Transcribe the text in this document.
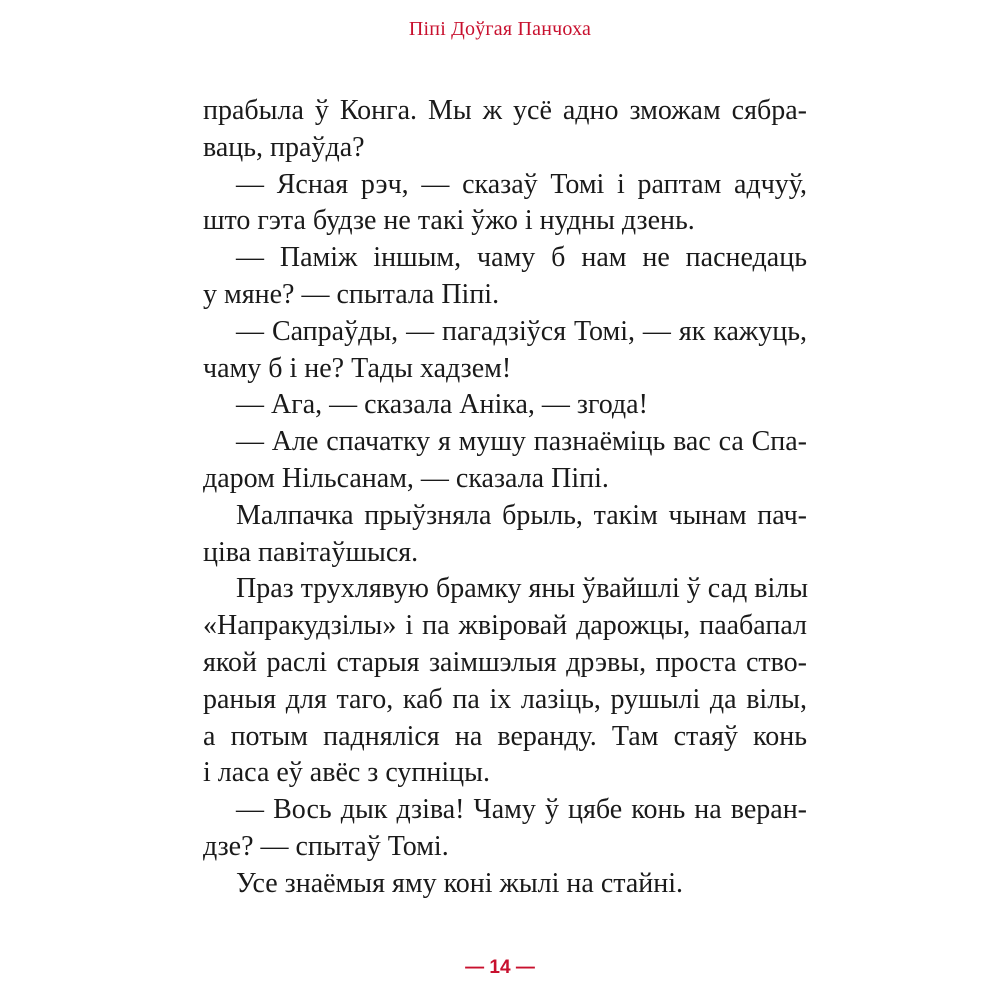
Піпі Доўгая Панчоха
прабыла ў Конга. Мы ж усё адно зможам сябра-
ваць, праўда?
— Ясная рэч, — сказаў Томі і раптам адчуў,
што гэта будзе не такі ўжо і нудны дзень.
— Паміж іншым, чаму б нам не паснедаць
у мяне? — спытала Піпі.
— Сапраўды, — пагадзіўся Томі, — як кажуць,
чаму б і не? Тады хадзем!
— Ага, — сказала Аніка, — згода!
— Але спачатку я мушу пазнаёміць вас са Спа-
даром Нільсанам, — сказала Піпі.
Малпачка прыўзняла брыль, такім чынам пач-
ціва павітаўшыся.
Праз трухлявую брамку яны ўвайшлі ў сад вілы
«Напракудзілы» і па жвіровай дарожцы, паабапал
якой раслі старыя заімшэлыя дрэвы, проста ство-
раныя для таго, каб па іх лазіць, рушылі да вілы,
а потым падняліся на веранду. Там стаяў конь
і ласа еў авёс з супніцы.
— Вось дык дзіва! Чаму ў цябе конь на веран-
дзе? — спытаў Томі.
Усе знаёмыя яму коні жылі на стайні.
— 14 —
